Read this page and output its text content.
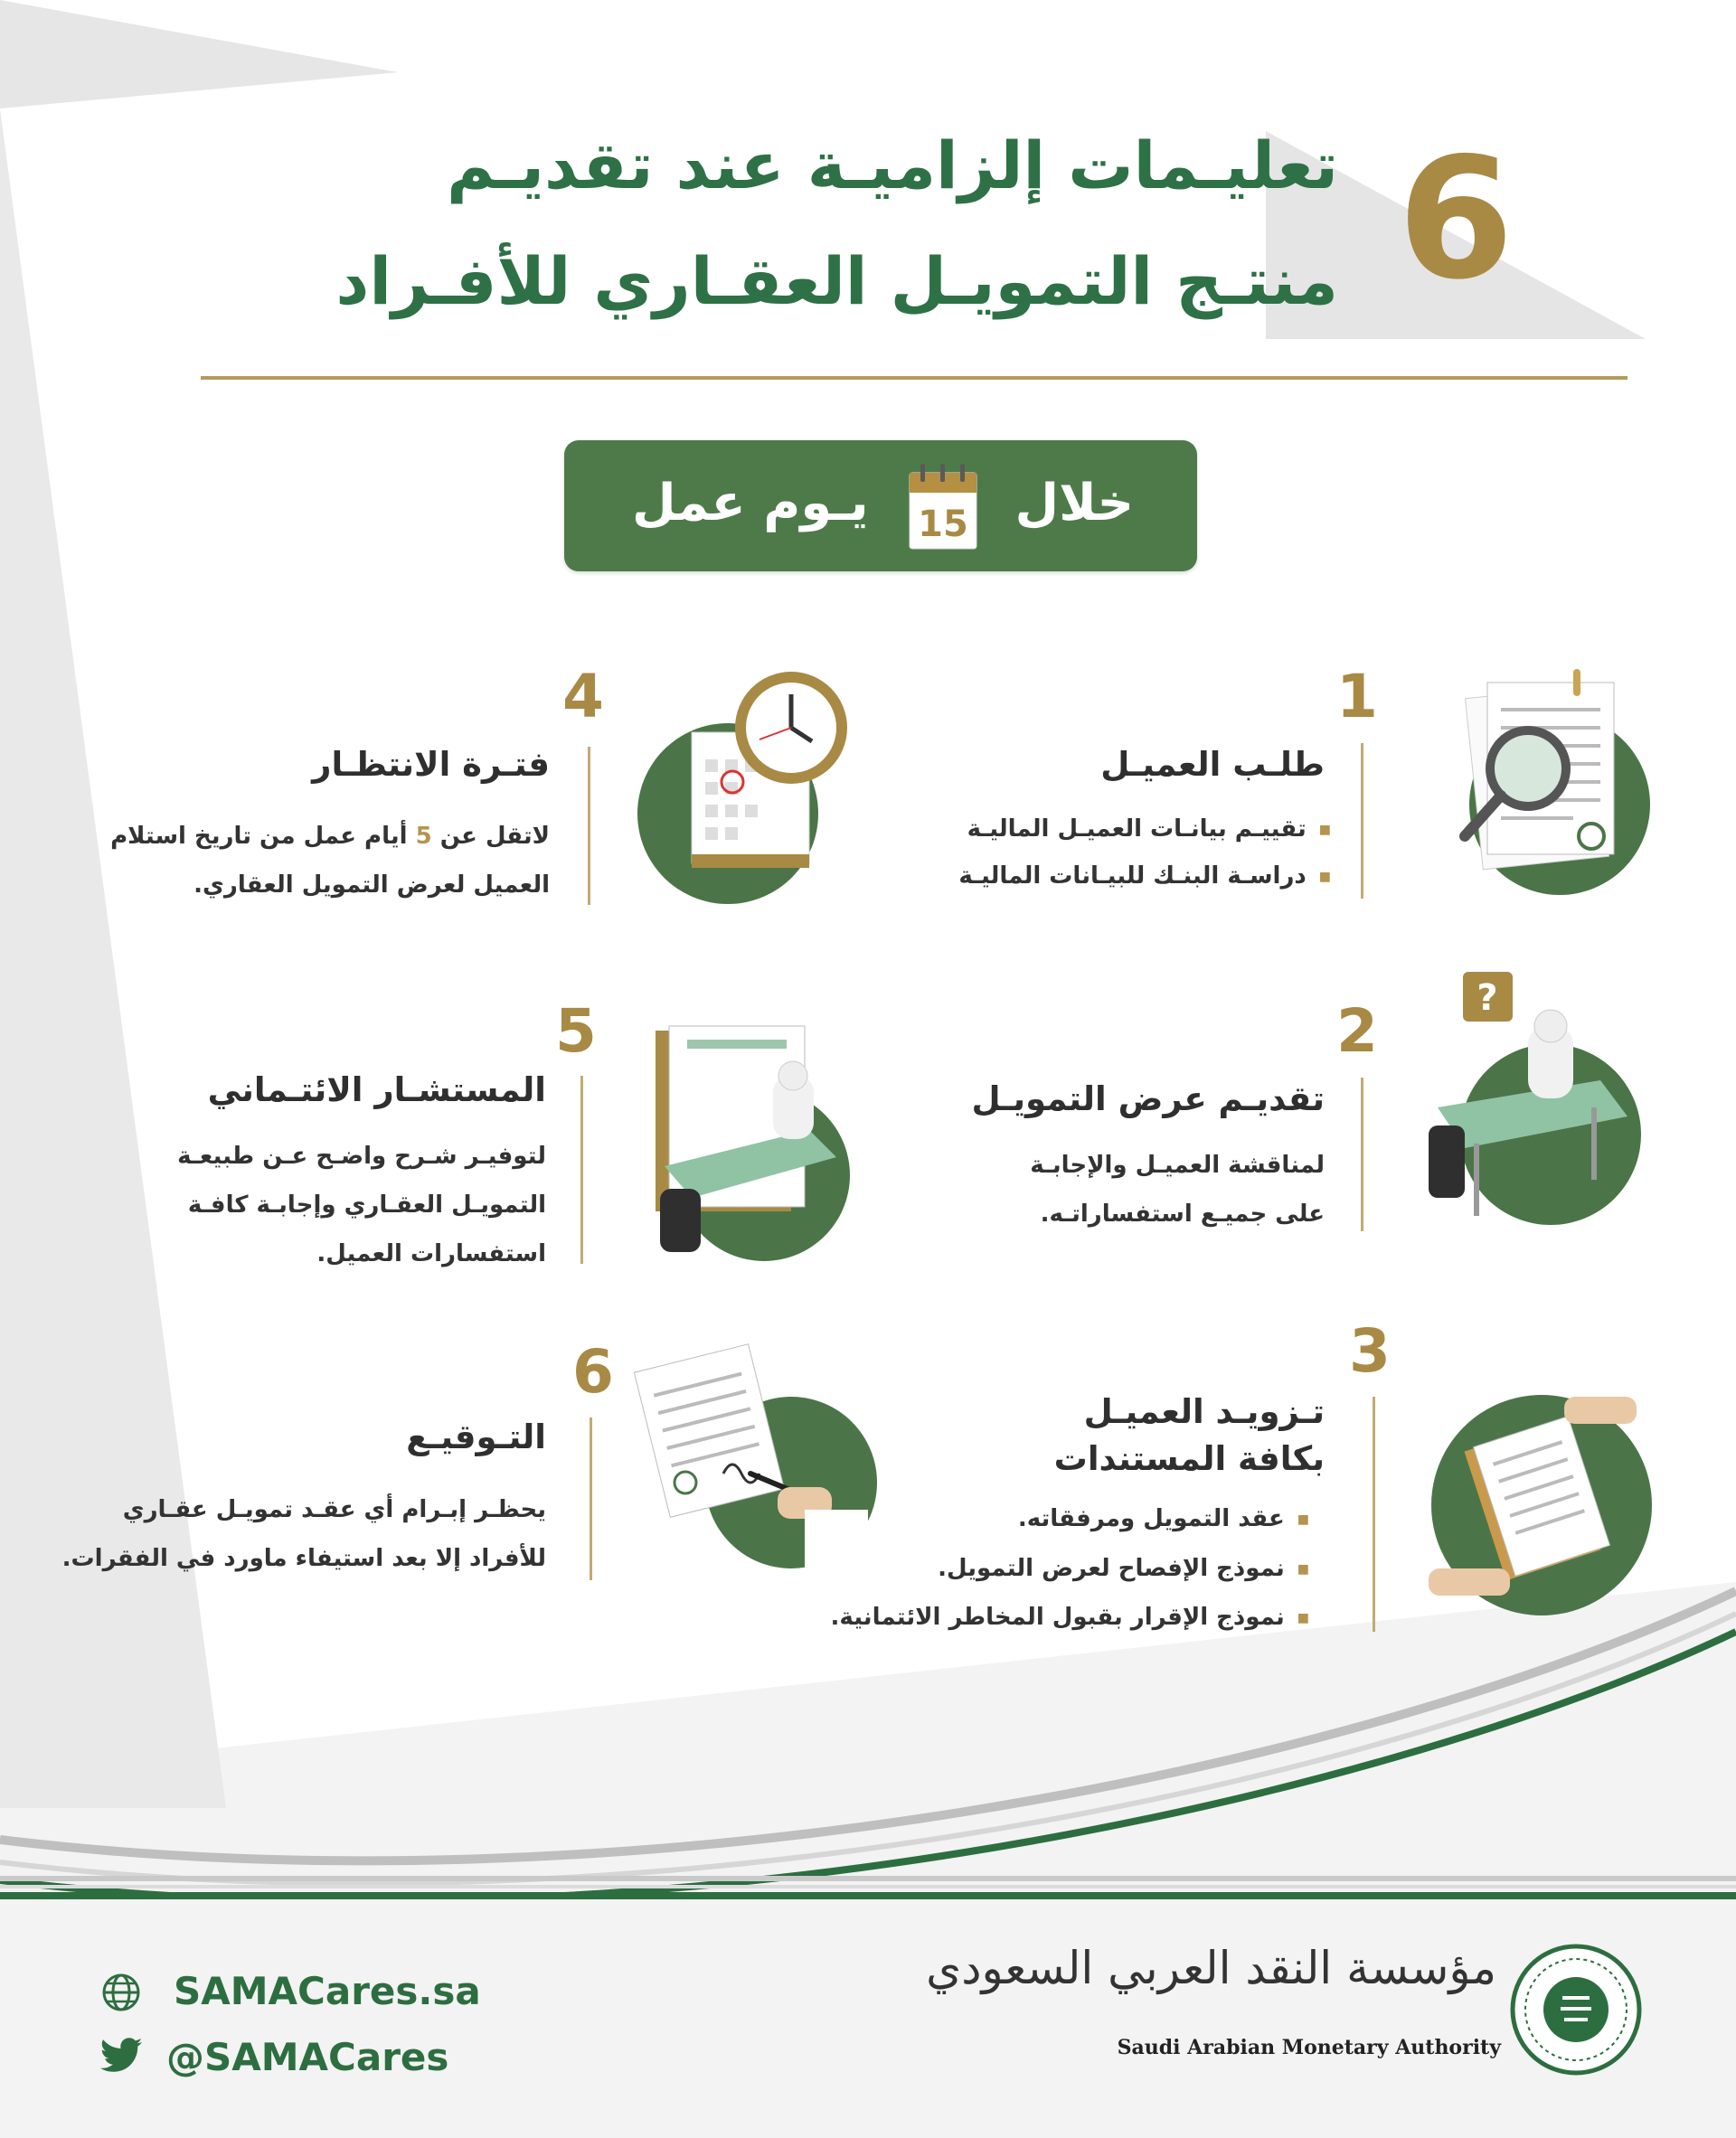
6
تعليـمات إلزاميـة عند تقديـم
منتـج التمويـل العقـاري للأفـراد
خلال
15
يـوم عمل
1
طلـب العميـل
■ تقييـم بيانـات العميـل الماليـة
■ دراسـة البنـك للبيـانات الماليـة
2
تقديـم عرض التمويـل
لمناقشة العميـل والإجابـة
على جميـع استفساراتـه.
?
3
تـزويـد العميـل
بكافة المستندات
■ عقد التمويل ومرفقاته.
■ نموذج الإفصاح لعرض التمويل.
■ نموذج الإقرار بقبول المخاطر الائتمانية.
4
فتـرة الانتظـار
لاتقل عن 5 أيام عمل من تاريخ استلام
العميل لعرض التمويل العقاري.
5
المستشـار الائتـماني
لتوفيـر شـرح واضـح عـن طبيعـة
التمويـل العقـاري وإجابـة كافـة
استفسارات العميل.
6
التـوقيـع
يحظـر إبـرام أي عقـد تمويـل عقـاري
للأفراد إلا بعد استيفاء ماورد في الفقرات.
SAMACares.sa
@SAMACares
مؤسسة النقد العربي السعودي
Saudi Arabian Monetary Authority
